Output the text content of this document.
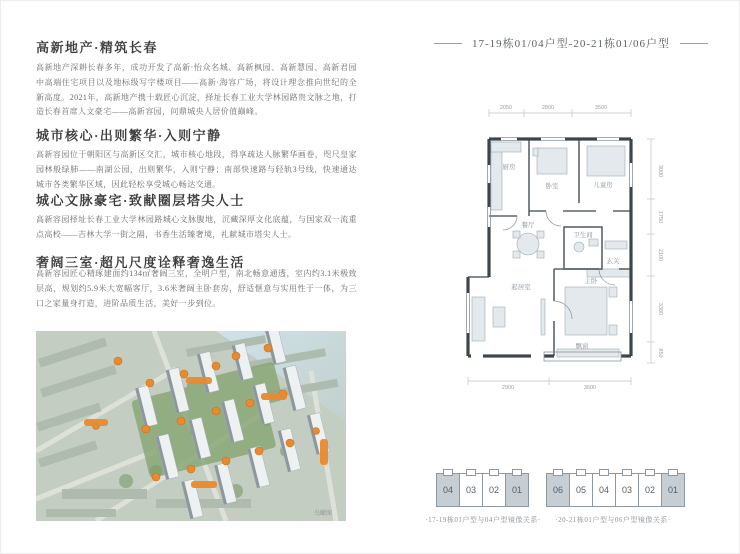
高新地产·精筑长春
高新地产深耕长春多年，成功开发了高新·怡众名城、高新枫园、高新慧园、高新君园中高端住宅项目以及地标级写字楼项目——高新·海容广场，将设计理念推向世纪的全新高度。2021年，高新地产携十载匠心沉淀，择址长春工业大学林园路贵文脉之地，打造长春首席人文豪宅——高新容园，问鼎城央人居价值巅峰。
城市核心·出则繁华·入则宁静
高新容园位于朝阳区与高新区交汇，城市核心地段，得享疏达人脉繁华画卷，咫尺皇家园林般绿肺——南湖公园，出则繁华，入则宁静；南部快速路与轻轨3号线，快速通达城市各类繁华区域，因此轻松享受城心畅达交通。
城心文脉豪宅·致献圈层塔尖人士
高新容园择址长春工业大学林园路城心文脉腹地，沉藏深厚文化底蕴，与国家双一流重点高校——吉林大学一街之隔，书香生活臻奢境，礼献城市塔尖人士。
奢阔三室·超凡尺度诠释奢逸生活
高新容园匠心精琢建面约134㎡奢阔三室，全明户型，南北畅意通透，室内约3.1米极致层高，规划约5.9米大宽幅客厅，3.6米奢阔主卧套房，舒适惬意与实用性于一体，为三口之家量身打造，进阶品质生活，美好一步到位。
鸟瞰图
17-19栋01/04户型-20-21栋01/06户型
2050	2800	3500
3000
1750
2100
3300
850
2900	3600
厨房
餐厅
卧室	儿童房
卫生间
玄关
起居室
主卧
飘窗
04 03 02 01
·17-19栋01户型与04户型镜像关系·
06 05 04 03 02 01
·20-21栋01户型与06户型镜像关系·
